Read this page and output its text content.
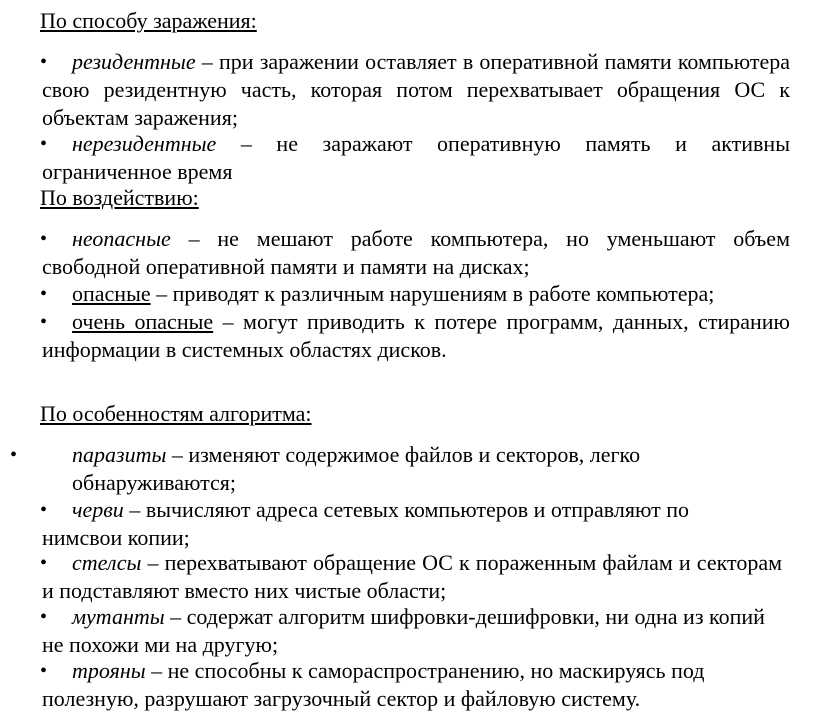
По способу заражения:
• резидентные – при заражении оставляет в оперативной памяти компьютера свою резидентную часть, которая потом перехватывает обращения ОС к объектам заражения;
• нерезидентные – не заражают оперативную память и активны ограниченное время
По воздействию:
• неопасные – не мешают работе компьютера, но уменьшают объем свободной оперативной памяти и памяти на дисках;
• опасные – приводят к различным нарушениям в работе компьютера;
• очень опасные – могут приводить к потере программ, данных, стиранию информации в системных областях дисков.
По особенностям алгоритма:
• паразиты – изменяют содержимое файлов и секторов, легко обнаруживаются;
• черви – вычисляют адреса сетевых компьютеров и отправляют по нимсвои копии;
• стелсы – перехватывают обращение ОС к пораженным файлам и секторам и подставляют вместо них чистые области;
• мутанты – содержат алгоритм шифровки-дешифровки, ни одна из копий не похожи ми на другую;
• трояны – не способны к самораспространению, но маскируясь под полезную, разрушают загрузочный сектор и файловую систему.
